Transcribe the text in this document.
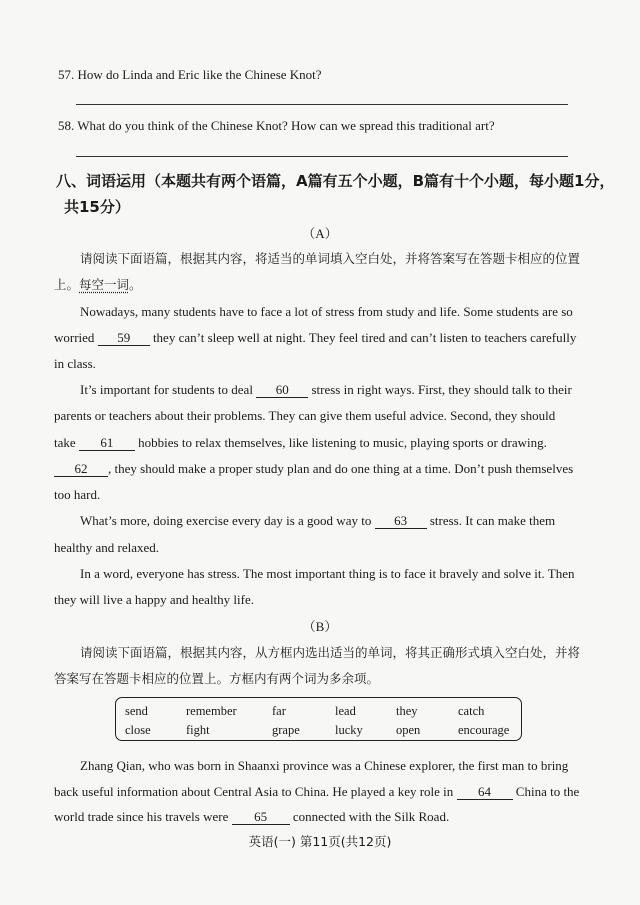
57. How do Linda and Eric like the Chinese Knot?
58. What do you think of the Chinese Knot? How can we spread this traditional art?
八、词语运用（本题共有两个语篇，A篇有五个小题，B篇有十个小题，每小题1分，
共15分）
（A）
请阅读下面语篇，根据其内容，将适当的单词填入空白处，并将答案写在答题卡相应的位置
上。每空一词。
Nowadays, many students have to face a lot of stress from study and life. Some students are so
worried 59 they can’t sleep well at night. They feel tired and can’t listen to teachers carefully
in class.
It’s important for students to deal 60 stress in right ways. First, they should talk to their
parents or teachers about their problems. They can give them useful advice. Second, they should
take 61 hobbies to relax themselves, like listening to music, playing sports or drawing.
62 , they should make a proper study plan and do one thing at a time. Don’t push themselves
too hard.
What’s more, doing exercise every day is a good way to 63 stress. It can make them
healthy and relaxed.
In a word, everyone has stress. The most important thing is to face it bravely and solve it. Then
they will live a happy and healthy life.
（B）
请阅读下面语篇，根据其内容，从方框内选出适当的单词，将其正确形式填入空白处，并将
答案写在答题卡相应的位置上。方框内有两个词为多余项。
send	remember	far	lead	they	catch
close	fight	grape	lucky	open	encourage
Zhang Qian, who was born in Shaanxi province was a Chinese explorer, the first man to bring
back useful information about Central Asia to China. He played a key role in 64 China to the
world trade since his travels were 65 connected with the Silk Road.
英语(一) 第11页(共12页)
